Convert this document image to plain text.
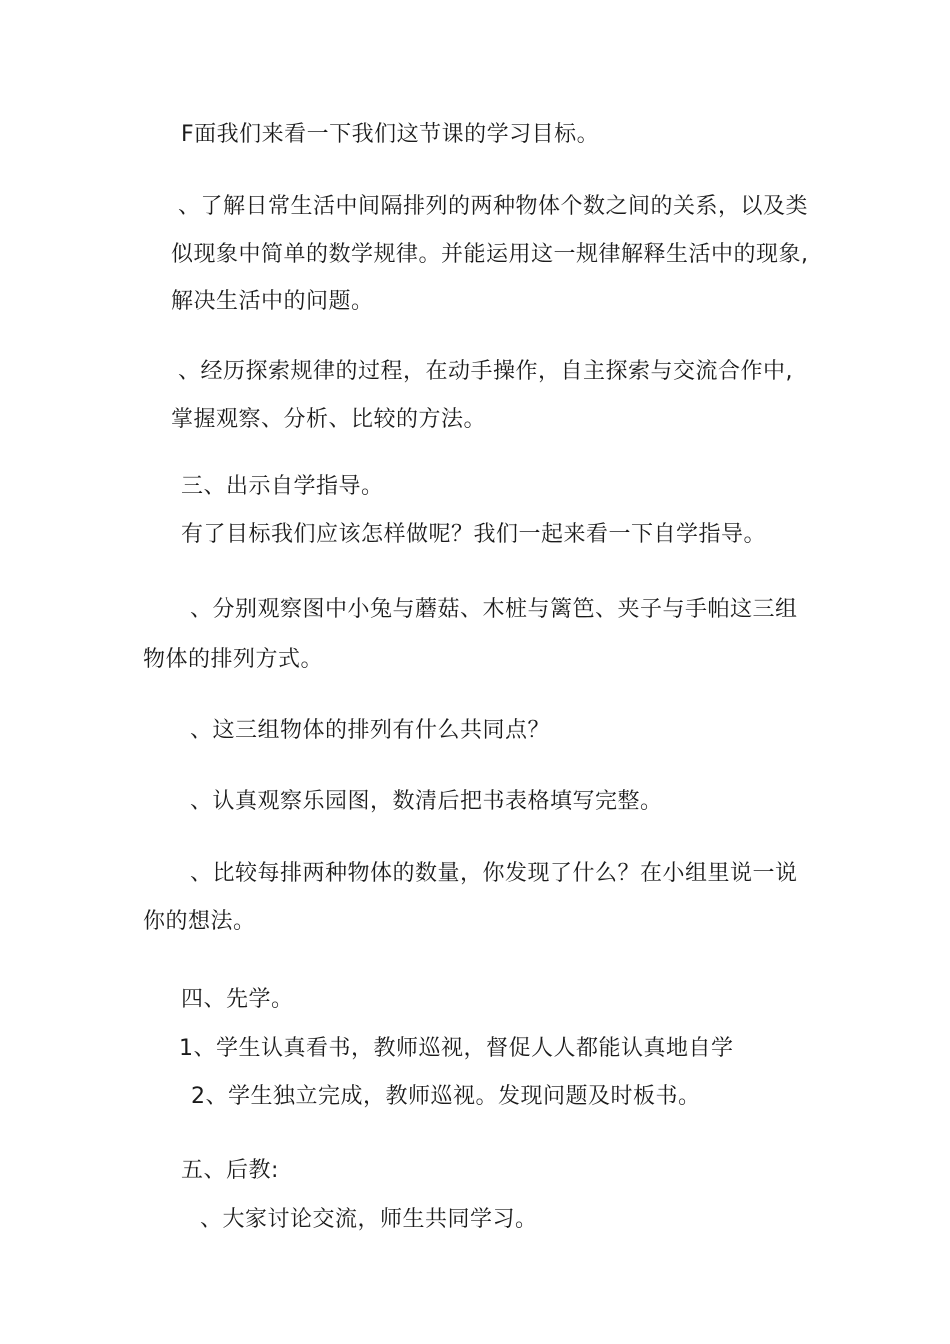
F面我们来看一下我们这节课的学习目标。
、了解日常生活中间隔排列的两种物体个数之间的关系，以及类
似现象中简单的数学规律。并能运用这一规律解释生活中的现象,
解决生活中的问题。
、经历探索规律的过程，在动手操作，自主探索与交流合作中,
掌握观察、分析、比较的方法。
三、出示自学指导。
有了目标我们应该怎样做呢？我们一起来看一下自学指导。
、分别观察图中小兔与蘑菇、木桩与篱笆、夹子与手帕这三组
物体的排列方式。
、这三组物体的排列有什么共同点？
、认真观察乐园图，数清后把书表格填写完整。
、比较每排两种物体的数量，你发现了什么？在小组里说一说
你的想法。
四、先学。
1、学生认真看书，教师巡视，督促人人都能认真地自学
2、学生独立完成，教师巡视。发现问题及时板书。
五、后教:
、大家讨论交流，师生共同学习。
